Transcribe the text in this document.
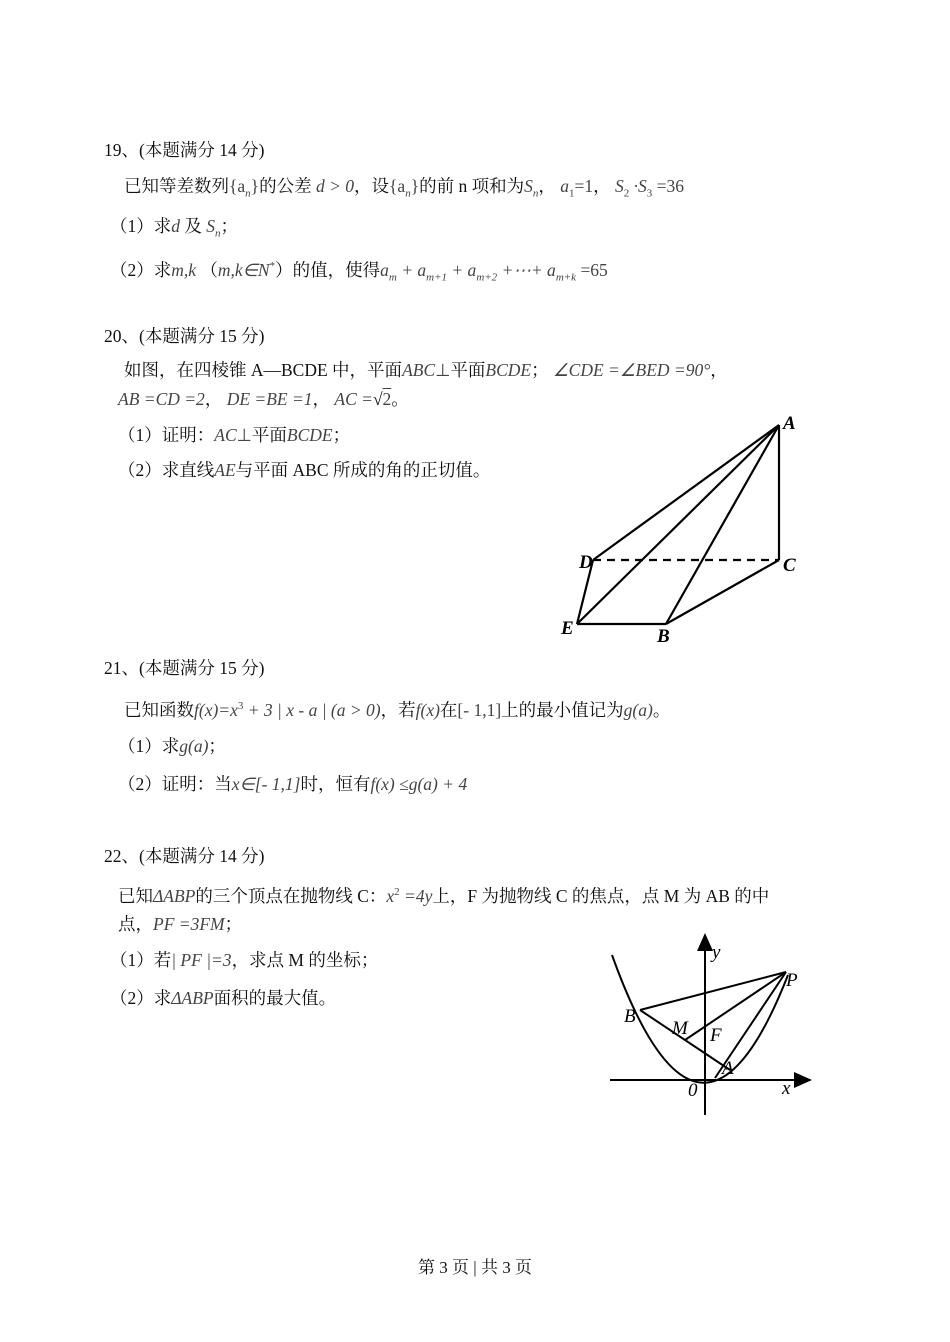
19、(本题满分 14 分)
已知等差数列$\{a_n\}$的公差 d > 0，设$\{a_n\}$的前 n 项和为$S_n$， $a_1=1$， $S_2 \cdot S_3 =36$
（1）求d 及 $S_n$；
（2）求m,k （m,k∈N*）的值，使得$a_m + a_{m+1} + a_{m+2}$ +⋯+ $a_{m+k} =65$
20、(本题满分 15 分)
如图，在四棱锥 A—BCDE 中，平面ABC⊥平面BCDE； ∠CDE =∠BED =90°，
AB =CD =2， DE =BE =1， AC =√2。
（1）证明：AC⊥平面BCDE；
（2）求直线AE与平面 ABC 所成的角的正切值。
A
C
D
E	B
21、(本题满分 15 分)
已知函数$f(x)=x^3 + 3$ | x - a | (a > 0)，若f(x)在[- 1,1]上的最小值记为g(a)。
（1）求g(a)；
（2）证明：当x∈[- 1,1]时，恒有f(x) ≤g(a) + 4
22、(本题满分 14 分)
已知ΔABP的三个顶点在抛物线 C：$x^2 =4y$上，F 为抛物线 C 的焦点，点 M 为 AB 的中
点，PF =3FM；
（1）若| PF |=3，求点 M 的坐标；
（2）求ΔABP面积的最大值。
y
x
P
B
M F
A
0
第 3 页 | 共 3 页
